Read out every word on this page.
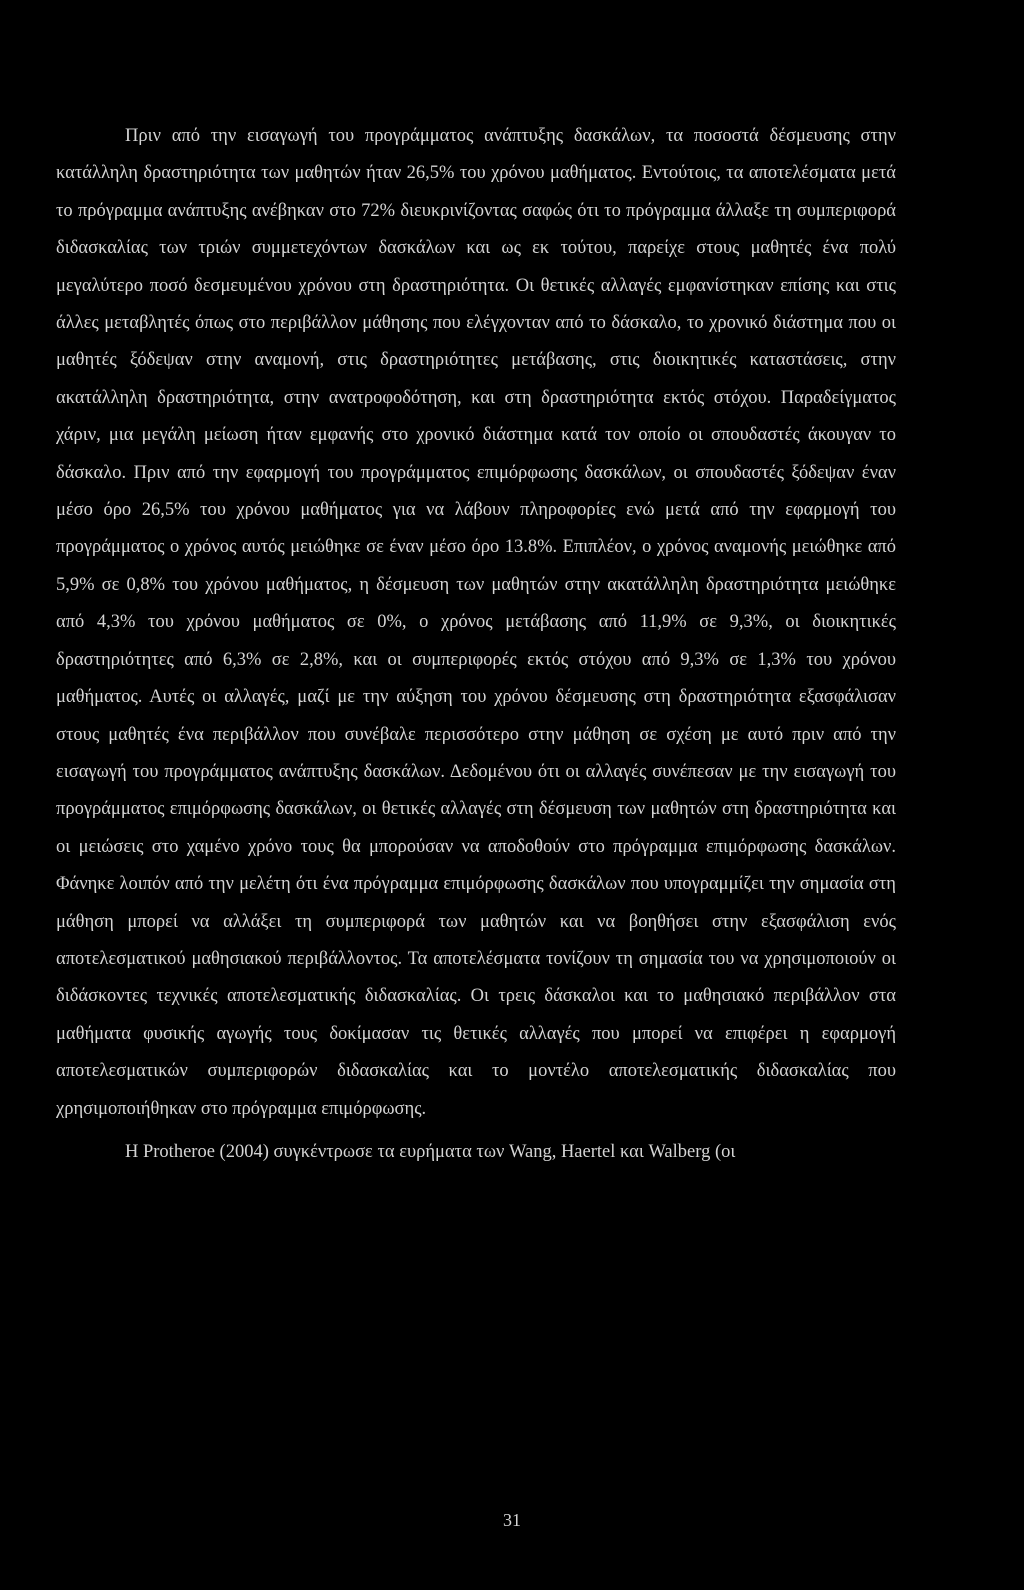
Πριν από την εισαγωγή του προγράμματος ανάπτυξης δασκάλων, τα ποσοστά δέσμευσης στην κατάλληλη δραστηριότητα των μαθητών ήταν 26,5% του χρόνου μαθήματος. Εντούτοις, τα αποτελέσματα μετά το πρόγραμμα ανάπτυξης ανέβηκαν στο 72% διευκρινίζοντας σαφώς ότι το πρόγραμμα άλλαξε τη συμπεριφορά διδασκαλίας των τριών συμμετεχόντων δασκάλων και ως εκ τούτου, παρείχε στους μαθητές ένα πολύ μεγαλύτερο ποσό δεσμευμένου χρόνου στη δραστηριότητα. Οι θετικές αλλαγές εμφανίστηκαν επίσης και στις άλλες μεταβλητές όπως στο περιβάλλον μάθησης που ελέγχονταν από το δάσκαλο, το χρονικό διάστημα που οι μαθητές ξόδεψαν στην αναμονή, στις δραστηριότητες μετάβασης, στις διοικητικές καταστάσεις, στην ακατάλληλη δραστηριότητα, στην ανατροφοδότηση, και στη δραστηριότητα εκτός στόχου. Παραδείγματος χάριν, μια μεγάλη μείωση ήταν εμφανής στο χρονικό διάστημα κατά τον οποίο οι σπουδαστές άκουγαν το δάσκαλο. Πριν από την εφαρμογή του προγράμματος επιμόρφωσης δασκάλων, οι σπουδαστές ξόδεψαν έναν μέσο όρο 26,5% του χρόνου μαθήματος για να λάβουν πληροφορίες ενώ μετά από την εφαρμογή του προγράμματος ο χρόνος αυτός μειώθηκε σε έναν μέσο όρο 13.8%. Επιπλέον, ο χρόνος αναμονής μειώθηκε από 5,9% σε 0,8% του χρόνου μαθήματος, η δέσμευση των μαθητών στην ακατάλληλη δραστηριότητα μειώθηκε από 4,3% του χρόνου μαθήματος σε 0%, ο χρόνος μετάβασης από 11,9% σε 9,3%, οι διοικητικές δραστηριότητες από 6,3% σε 2,8%, και οι συμπεριφορές εκτός στόχου από 9,3% σε 1,3% του χρόνου μαθήματος. Αυτές οι αλλαγές, μαζί με την αύξηση του χρόνου δέσμευσης στη δραστηριότητα εξασφάλισαν στους μαθητές ένα περιβάλλον που συνέβαλε περισσότερο στην μάθηση σε σχέση με αυτό πριν από την εισαγωγή του προγράμματος ανάπτυξης δασκάλων. Δεδομένου ότι οι αλλαγές συνέπεσαν με την εισαγωγή του προγράμματος επιμόρφωσης δασκάλων, οι θετικές αλλαγές στη δέσμευση των μαθητών στη δραστηριότητα και οι μειώσεις στο χαμένο χρόνο τους θα μπορούσαν να αποδοθούν στο πρόγραμμα επιμόρφωσης δασκάλων. Φάνηκε λοιπόν από την μελέτη ότι ένα πρόγραμμα επιμόρφωσης δασκάλων που υπογραμμίζει την σημασία στη μάθηση μπορεί να αλλάξει τη συμπεριφορά των μαθητών και να βοηθήσει στην εξασφάλιση ενός αποτελεσματικού μαθησιακού περιβάλλοντος. Τα αποτελέσματα τονίζουν τη σημασία του να χρησιμοποιούν οι διδάσκοντες τεχνικές αποτελεσματικής διδασκαλίας. Οι τρεις δάσκαλοι και το μαθησιακό περιβάλλον στα μαθήματα φυσικής αγωγής τους δοκίμασαν τις θετικές αλλαγές που μπορεί να επιφέρει η εφαρμογή αποτελεσματικών συμπεριφορών διδασκαλίας και το μοντέλο αποτελεσματικής διδασκαλίας που χρησιμοποιήθηκαν στο πρόγραμμα επιμόρφωσης.

Η Protheroe (2004) συγκέντρωσε τα ευρήματα των Wang, Haertel και Walberg (οι

31
